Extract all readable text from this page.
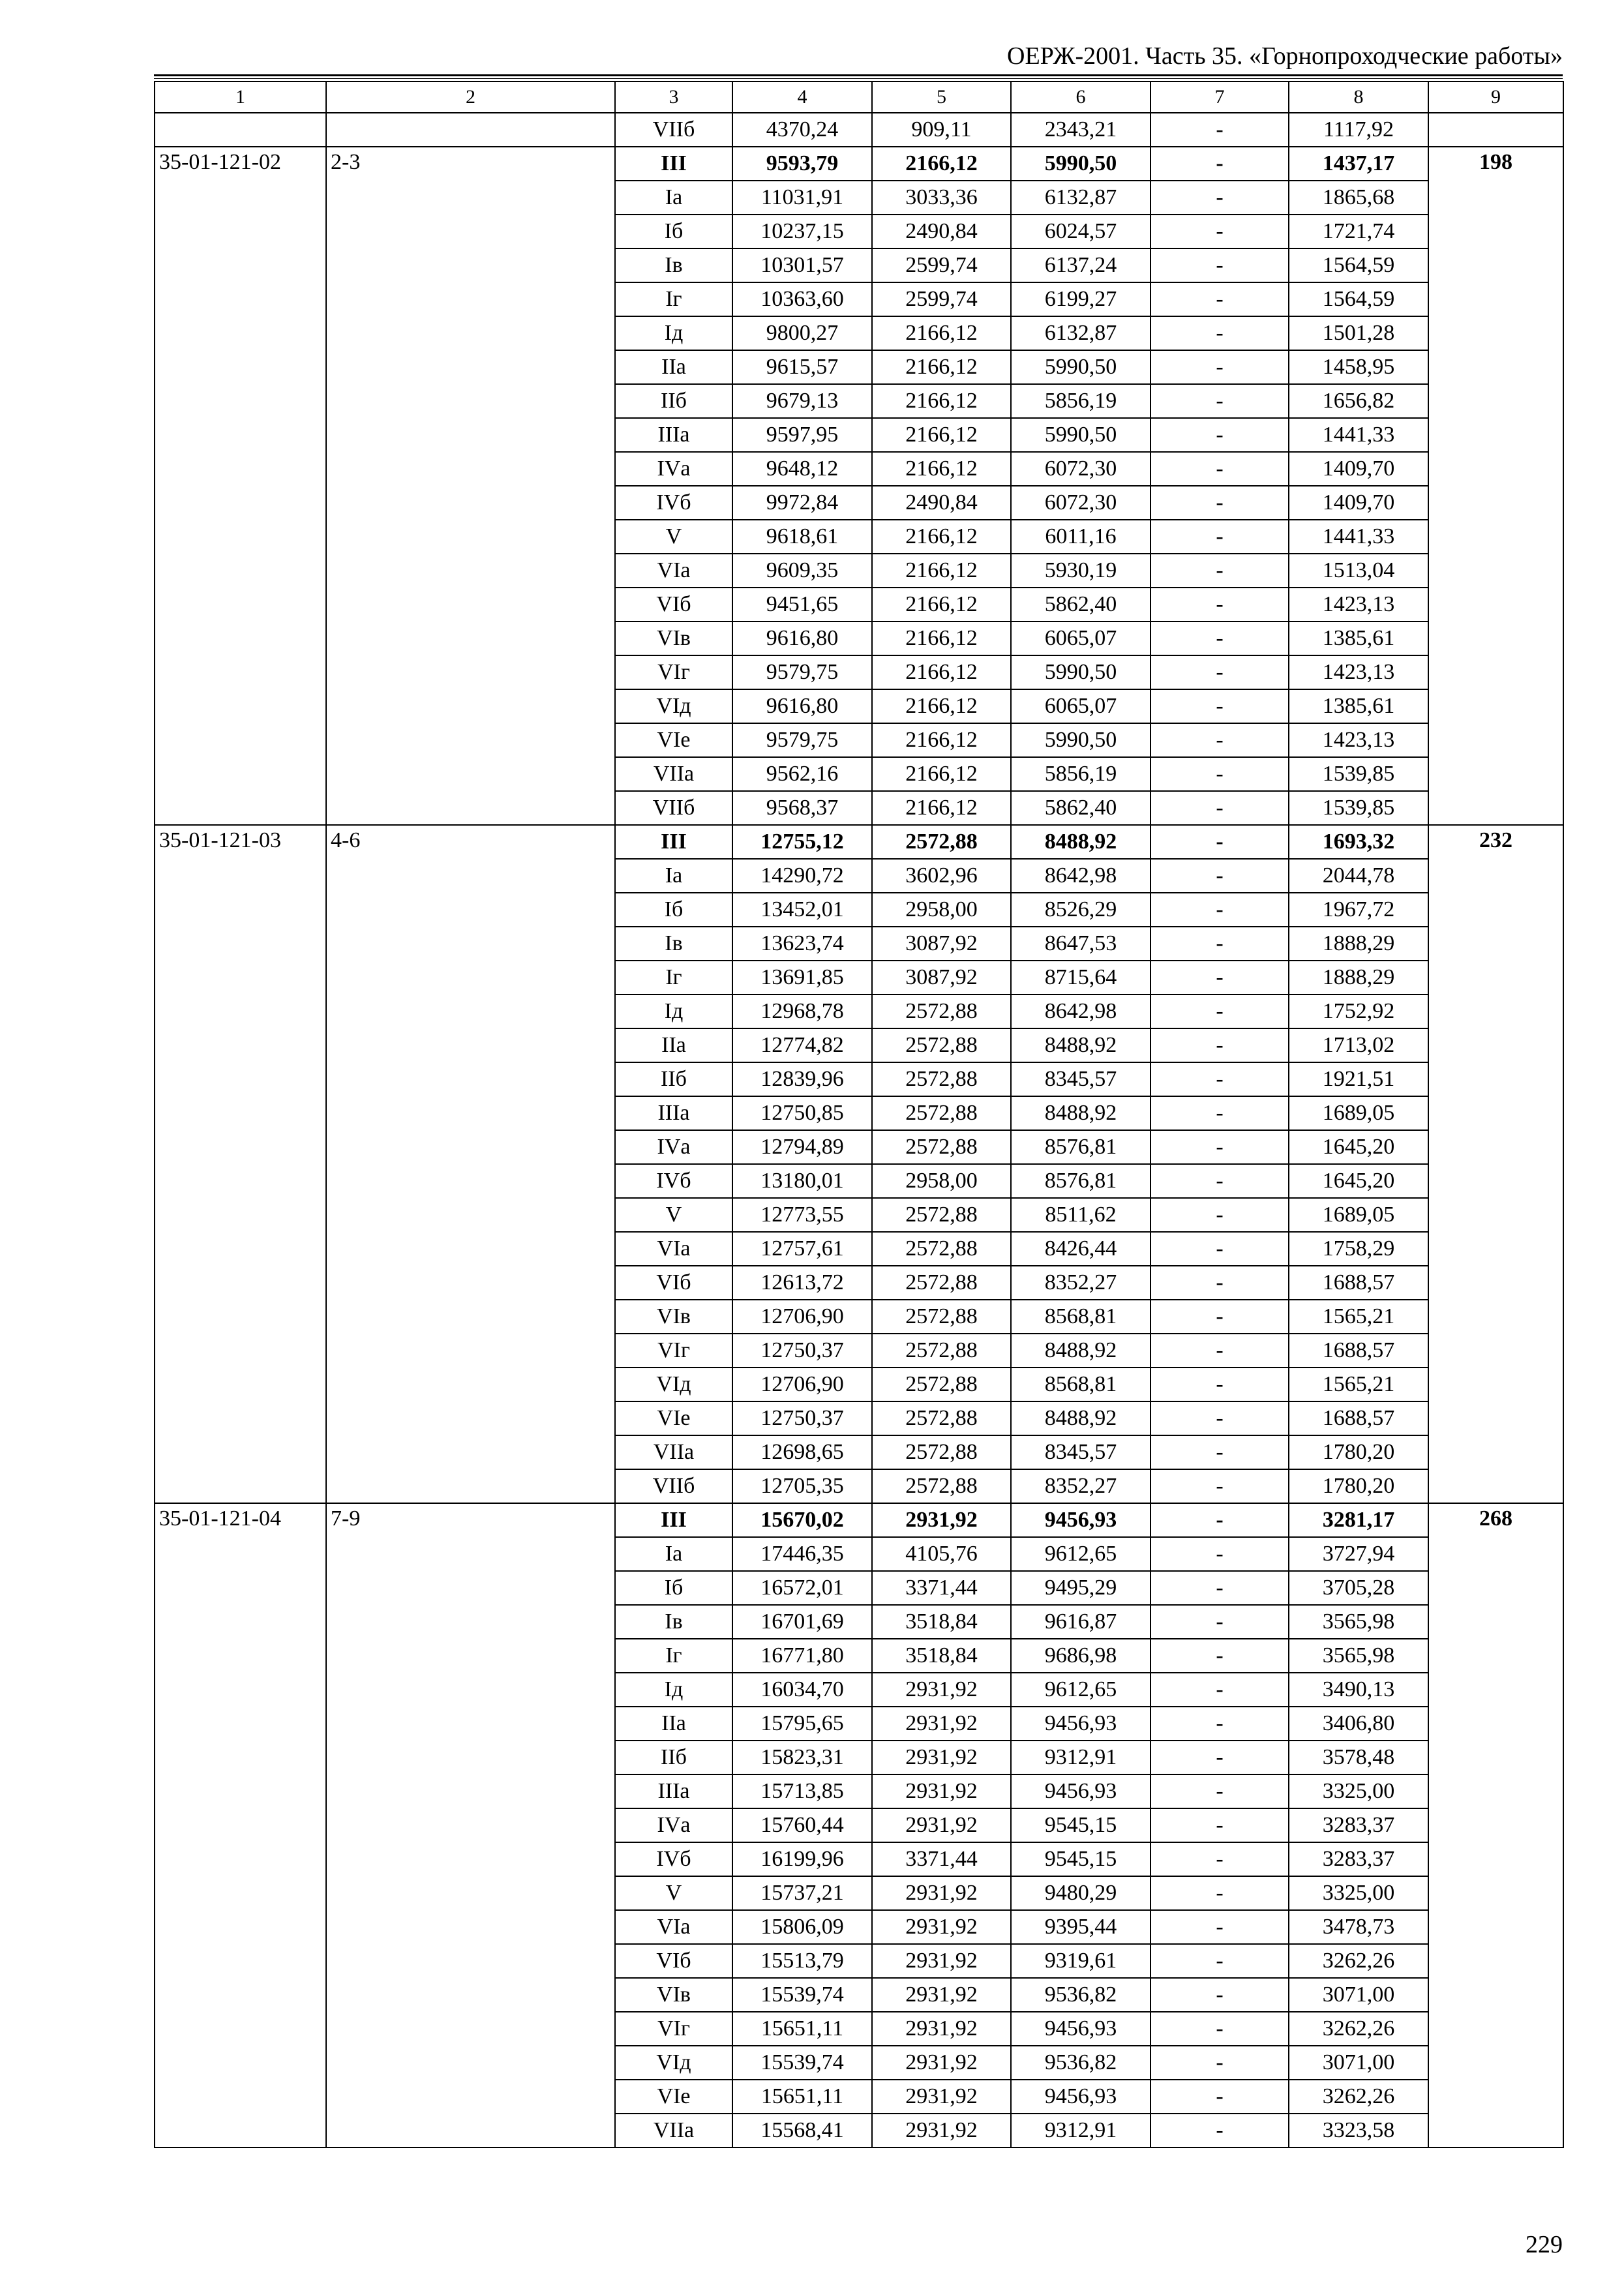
ОЕРЖ-2001. Часть 35. «Горнопроходческие работы»
1	2	3	4	5	6	7	8	9
		VIIб	4370,24	909,11	2343,21	-	1117,92	
35-01-121-02	2-3	III	9593,79	2166,12	5990,50	-	1437,17	198
		Iа	11031,91	3033,36	6132,87	-	1865,68	
		Iб	10237,15	2490,84	6024,57	-	1721,74	
		Iв	10301,57	2599,74	6137,24	-	1564,59	
		Iг	10363,60	2599,74	6199,27	-	1564,59	
		Iд	9800,27	2166,12	6132,87	-	1501,28	
		IIа	9615,57	2166,12	5990,50	-	1458,95	
		IIб	9679,13	2166,12	5856,19	-	1656,82	
		IIIа	9597,95	2166,12	5990,50	-	1441,33	
		IVа	9648,12	2166,12	6072,30	-	1409,70	
		IVб	9972,84	2490,84	6072,30	-	1409,70	
		V	9618,61	2166,12	6011,16	-	1441,33	
		VIа	9609,35	2166,12	5930,19	-	1513,04	
		VIб	9451,65	2166,12	5862,40	-	1423,13	
		VIв	9616,80	2166,12	6065,07	-	1385,61	
		VIг	9579,75	2166,12	5990,50	-	1423,13	
		VIд	9616,80	2166,12	6065,07	-	1385,61	
		VIе	9579,75	2166,12	5990,50	-	1423,13	
		VIIа	9562,16	2166,12	5856,19	-	1539,85	
		VIIб	9568,37	2166,12	5862,40	-	1539,85	
35-01-121-03	4-6	III	12755,12	2572,88	8488,92	-	1693,32	232
		Iа	14290,72	3602,96	8642,98	-	2044,78	
		Iб	13452,01	2958,00	8526,29	-	1967,72	
		Iв	13623,74	3087,92	8647,53	-	1888,29	
		Iг	13691,85	3087,92	8715,64	-	1888,29	
		Iд	12968,78	2572,88	8642,98	-	1752,92	
		IIа	12774,82	2572,88	8488,92	-	1713,02	
		IIб	12839,96	2572,88	8345,57	-	1921,51	
		IIIа	12750,85	2572,88	8488,92	-	1689,05	
		IVа	12794,89	2572,88	8576,81	-	1645,20	
		IVб	13180,01	2958,00	8576,81	-	1645,20	
		V	12773,55	2572,88	8511,62	-	1689,05	
		VIа	12757,61	2572,88	8426,44	-	1758,29	
		VIб	12613,72	2572,88	8352,27	-	1688,57	
		VIв	12706,90	2572,88	8568,81	-	1565,21	
		VIг	12750,37	2572,88	8488,92	-	1688,57	
		VIд	12706,90	2572,88	8568,81	-	1565,21	
		VIе	12750,37	2572,88	8488,92	-	1688,57	
		VIIа	12698,65	2572,88	8345,57	-	1780,20	
		VIIб	12705,35	2572,88	8352,27	-	1780,20	
35-01-121-04	7-9	III	15670,02	2931,92	9456,93	-	3281,17	268
		Iа	17446,35	4105,76	9612,65	-	3727,94	
		Iб	16572,01	3371,44	9495,29	-	3705,28	
		Iв	16701,69	3518,84	9616,87	-	3565,98	
		Iг	16771,80	3518,84	9686,98	-	3565,98	
		Iд	16034,70	2931,92	9612,65	-	3490,13	
		IIа	15795,65	2931,92	9456,93	-	3406,80	
		IIб	15823,31	2931,92	9312,91	-	3578,48	
		IIIа	15713,85	2931,92	9456,93	-	3325,00	
		IVа	15760,44	2931,92	9545,15	-	3283,37	
		IVб	16199,96	3371,44	9545,15	-	3283,37	
		V	15737,21	2931,92	9480,29	-	3325,00	
		VIа	15806,09	2931,92	9395,44	-	3478,73	
		VIб	15513,79	2931,92	9319,61	-	3262,26	
		VIв	15539,74	2931,92	9536,82	-	3071,00	
		VIг	15651,11	2931,92	9456,93	-	3262,26	
		VIд	15539,74	2931,92	9536,82	-	3071,00	
		VIе	15651,11	2931,92	9456,93	-	3262,26	
		VIIа	15568,41	2931,92	9312,91	-	3323,58	
229
